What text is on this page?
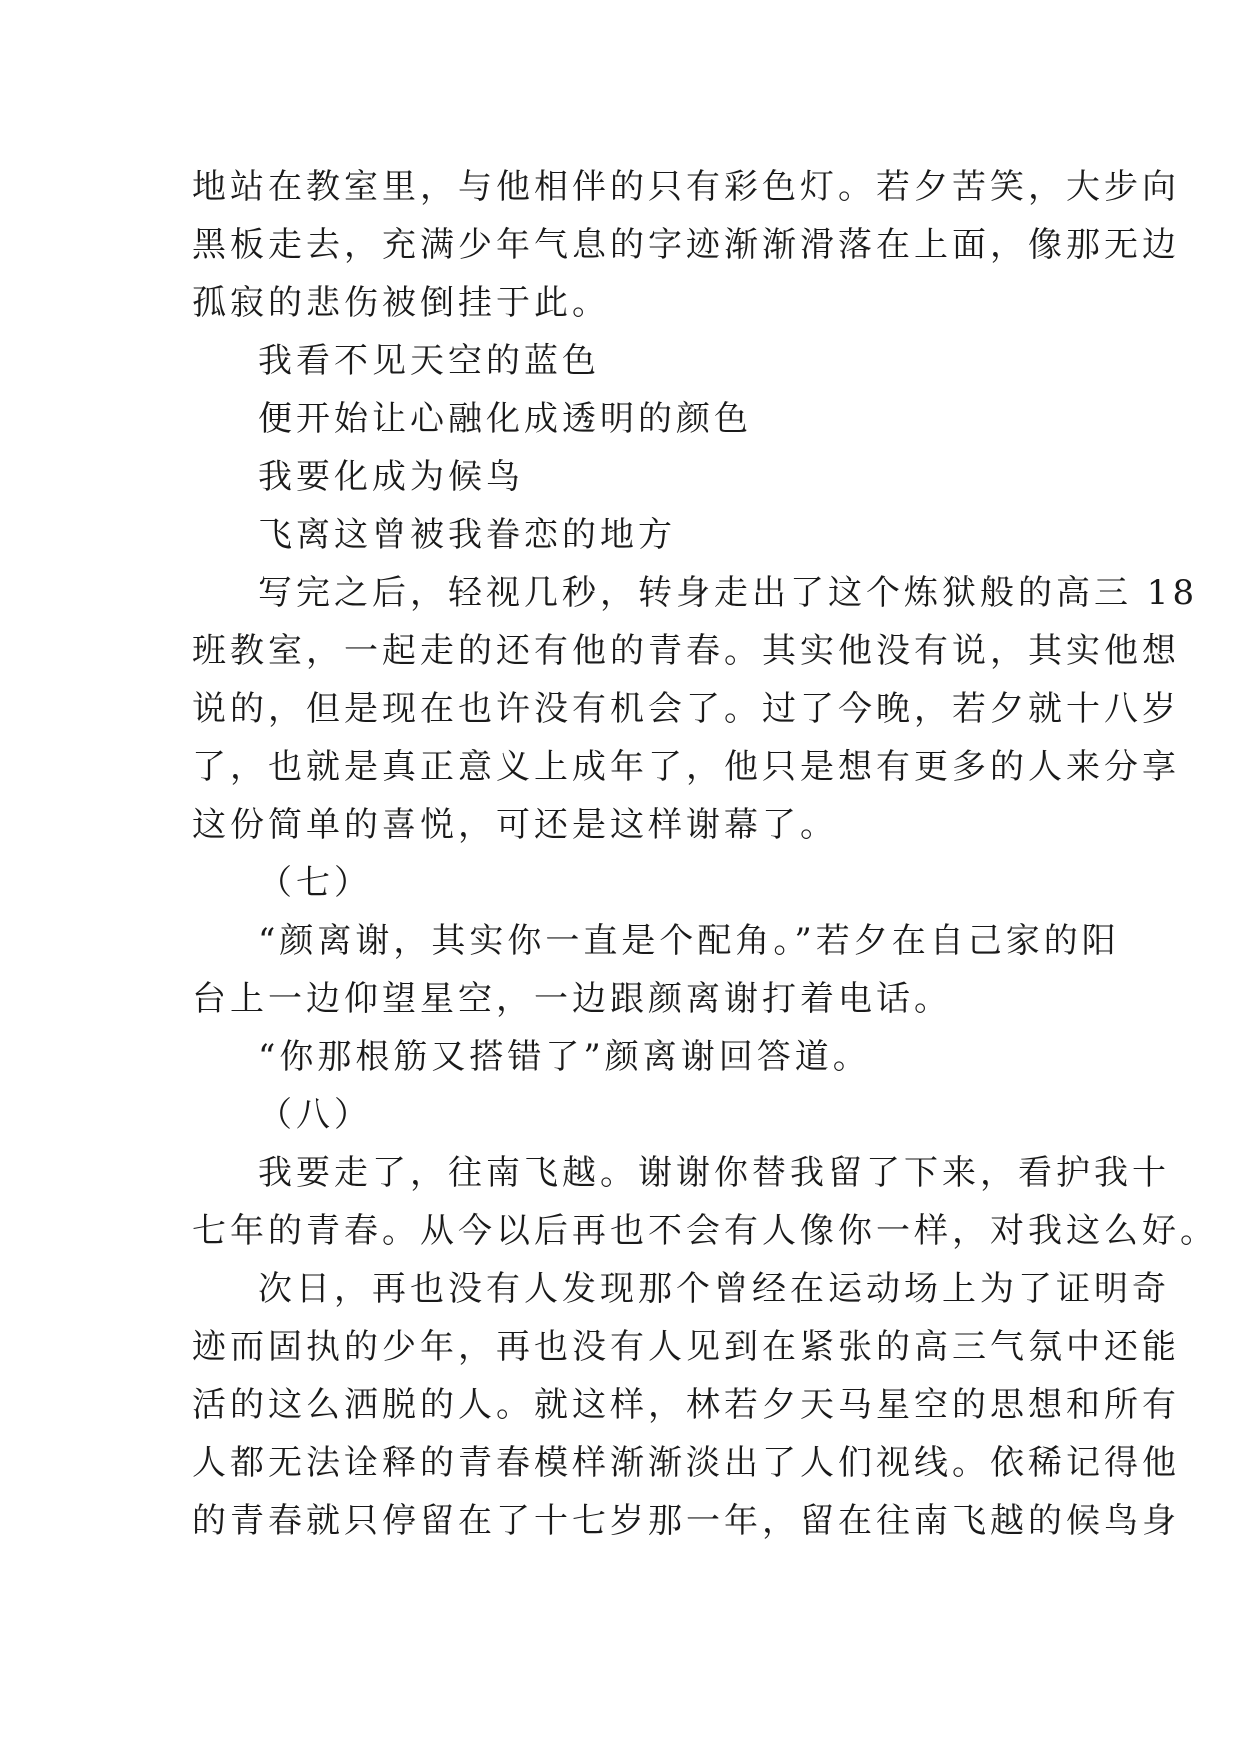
地站在教室里，与他相伴的只有彩色灯。若夕苦笑，大步向
黑板走去，充满少年气息的字迹渐渐滑落在上面，像那无边
孤寂的悲伤被倒挂于此。
我看不见天空的蓝色
便开始让心融化成透明的颜色
我要化成为候鸟
飞离这曾被我眷恋的地方
写完之后，轻视几秒，转身走出了这个炼狱般的高三 18
班教室，一起走的还有他的青春。其实他没有说，其实他想
说的，但是现在也许没有机会了。过了今晚，若夕就十八岁
了，也就是真正意义上成年了，他只是想有更多的人来分享
这份简单的喜悦，可还是这样谢幕了。
（七）
“颜离谢，其实你一直是个配角。”若夕在自己家的阳
台上一边仰望星空，一边跟颜离谢打着电话。
“你那根筋又搭错了”颜离谢回答道。
（八）
我要走了，往南飞越。谢谢你替我留了下来，看护我十
七年的青春。从今以后再也不会有人像你一样，对我这么好。
次日，再也没有人发现那个曾经在运动场上为了证明奇
迹而固执的少年，再也没有人见到在紧张的高三气氛中还能
活的这么洒脱的人。就这样，林若夕天马星空的思想和所有
人都无法诠释的青春模样渐渐淡出了人们视线。依稀记得他
的青春就只停留在了十七岁那一年，留在往南飞越的候鸟身
